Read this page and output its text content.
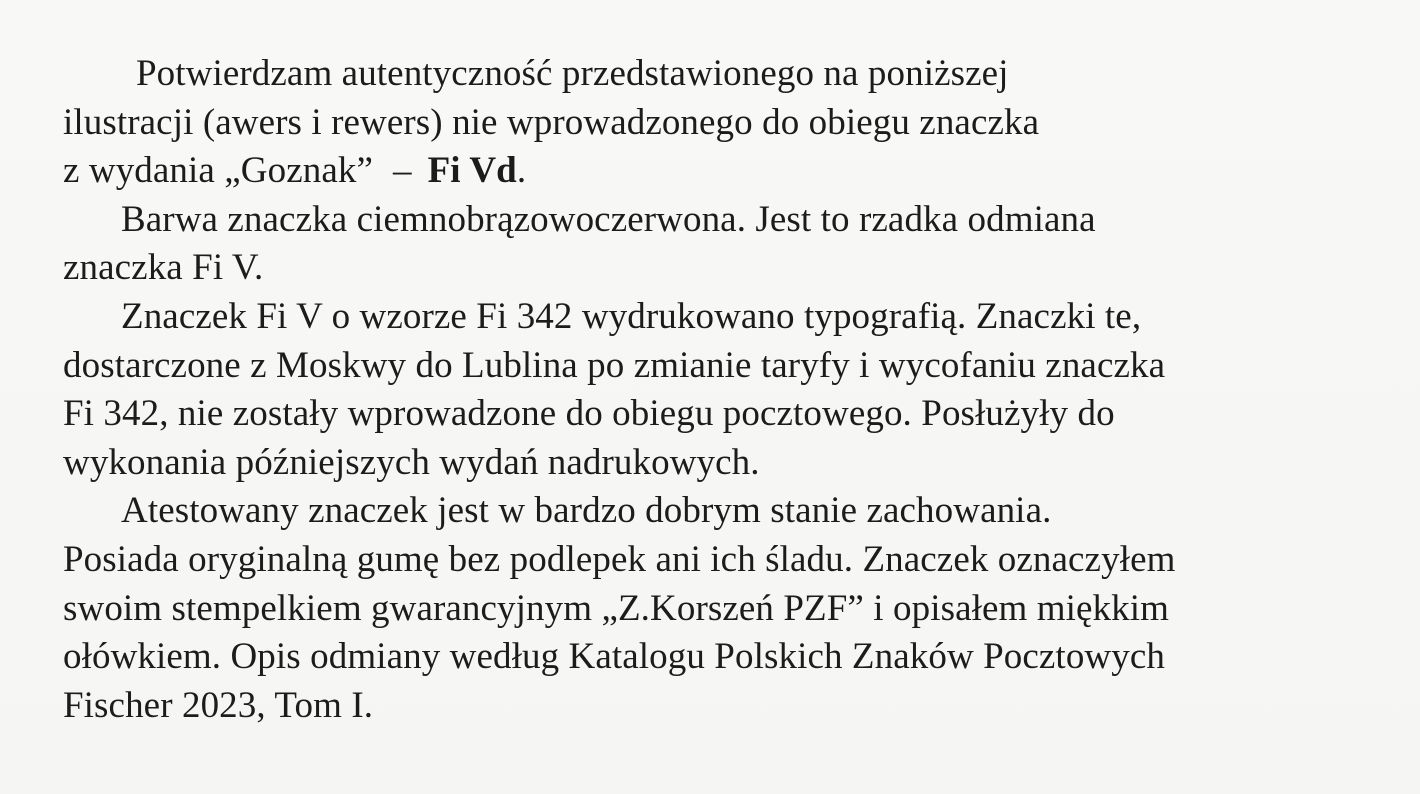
Potwierdzam autentyczność przedstawionego na poniższej
ilustracji (awers i rewers) nie wprowadzonego do obiegu znaczka
z wydania „Goznak” – Fi Vd.
Barwa znaczka ciemnobrązowoczerwona. Jest to rzadka odmiana
znaczka Fi V.
Znaczek Fi V o wzorze Fi 342 wydrukowano typografią. Znaczki te,
dostarczone z Moskwy do Lublina po zmianie taryfy i wycofaniu znaczka
Fi 342, nie zostały wprowadzone do obiegu pocztowego. Posłużyły do
wykonania późniejszych wydań nadrukowych.
Atestowany znaczek jest w bardzo dobrym stanie zachowania.
Posiada oryginalną gumę bez podlepek ani ich śladu. Znaczek oznaczyłem
swoim stempelkiem gwarancyjnym „Z.Korszeń PZF” i opisałem miękkim
ołówkiem. Opis odmiany według Katalogu Polskich Znaków Pocztowych
Fischer 2023, Tom I.
